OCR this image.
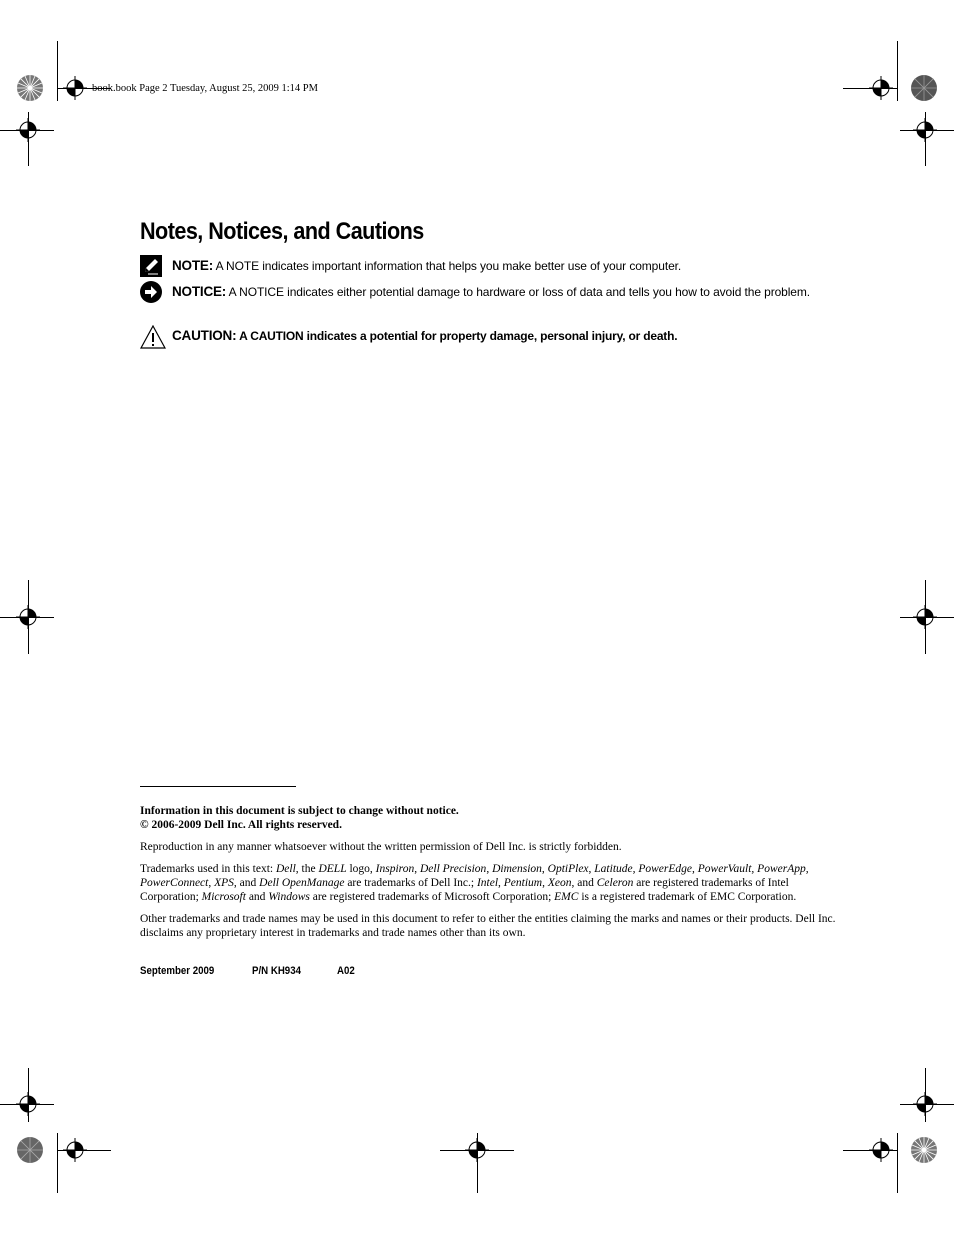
book.book Page 2 Tuesday, August 25, 2009 1:14 PM
Notes, Notices, and Cautions
NOTE: A NOTE indicates important information that helps you make better use of your computer.
NOTICE: A NOTICE indicates either potential damage to hardware or loss of data and tells you how to avoid the problem.
CAUTION: A CAUTION indicates a potential for property damage, personal injury, or death.
Information in this document is subject to change without notice.
© 2006-2009 Dell Inc. All rights reserved.
Reproduction in any manner whatsoever without the written permission of Dell Inc. is strictly forbidden.
Trademarks used in this text: Dell, the DELL logo, Inspiron, Dell Precision, Dimension, OptiPlex, Latitude, PowerEdge, PowerVault, PowerApp, PowerConnect, XPS, and Dell OpenManage are trademarks of Dell Inc.; Intel, Pentium, Xeon, and Celeron are registered trademarks of Intel Corporation; Microsoft and Windows are registered trademarks of Microsoft Corporation; EMC is a registered trademark of EMC Corporation.
Other trademarks and trade names may be used in this document to refer to either the entities claiming the marks and names or their products. Dell Inc. disclaims any proprietary interest in trademarks and trade names other than its own.
September 2009	P/N KH934	A02
